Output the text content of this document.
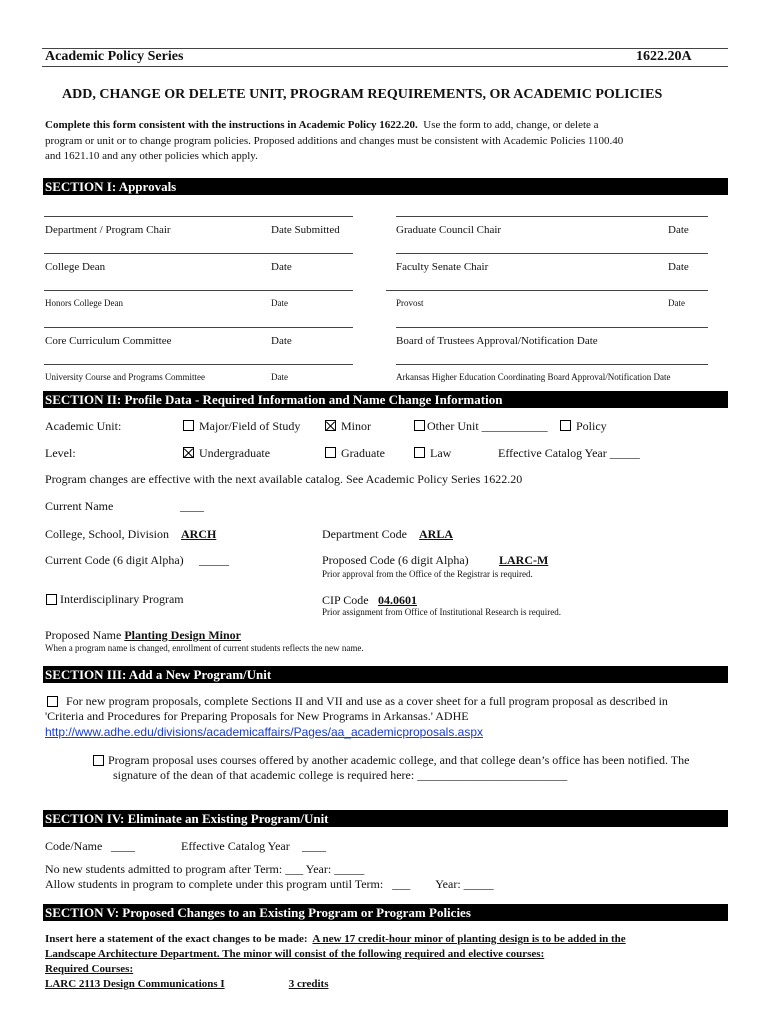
Academic Policy Series	1622.20A
ADD, CHANGE OR DELETE UNIT, PROGRAM REQUIREMENTS, OR ACADEMIC POLICIES
Complete this form consistent with the instructions in Academic Policy 1622.20. Use the form to add, change, or delete a
program or unit or to change program policies. Proposed additions and changes must be consistent with Academic Policies 1100.40
and 1621.10 and any other policies which apply.
SECTION I: Approvals
Department / Program Chair	Date Submitted	Graduate Council Chair	Date
College Dean	Date	Faculty Senate Chair	Date
Honors College Dean	Date	Provost	Date
Core Curriculum Committee	Date	Board of Trustees Approval/Notification Date
University Course and Programs Committee	Date	Arkansas Higher Education Coordinating Board Approval/Notification Date
SECTION II: Profile Data - Required Information and Name Change Information
Academic Unit:	Major/Field of Study	Minor	Other Unit ___________ Policy
Level:	Undergraduate	Graduate	Law	Effective Catalog Year _____
Program changes are effective with the next available catalog. See Academic Policy Series 1622.20
Current Name	____
College, School, Division ARCH	Department Code ARLA
Current Code (6 digit Alpha) _____	Proposed Code (6 digit Alpha)	LARC-M
Prior approval from the Office of the Registrar is required.
Interdisciplinary Program	CIP Code 04.0601
Prior assignment from Office of Institutional Research is required.
Proposed Name Planting Design Minor
When a program name is changed, enrollment of current students reflects the new name.
SECTION III: Add a New Program/Unit
For new program proposals, complete Sections II and VII and use as a cover sheet for a full program proposal as described in
'Criteria and Procedures for Preparing Proposals for New Programs in Arkansas.' ADHE
http://www.adhe.edu/divisions/academicaffairs/Pages/aa_academicproposals.aspx
Program proposal uses courses offered by another academic college, and that college dean’s office has been notified. The
signature of the dean of that academic college is required here: _________________________
SECTION IV: Eliminate an Existing Program/Unit
Code/Name ____	Effective Catalog Year ____
No new students admitted to program after Term: ___ Year: _____
Allow students in program to complete under this program until Term: ___ Year: _____
SECTION V: Proposed Changes to an Existing Program or Program Policies
Insert here a statement of the exact changes to be made: A new 17 credit-hour minor of planting design is to be added in the
Landscape Architecture Department. The minor will consist of the following required and elective courses:
Required Courses:
LARC 2113 Design Communications I	3 credits
